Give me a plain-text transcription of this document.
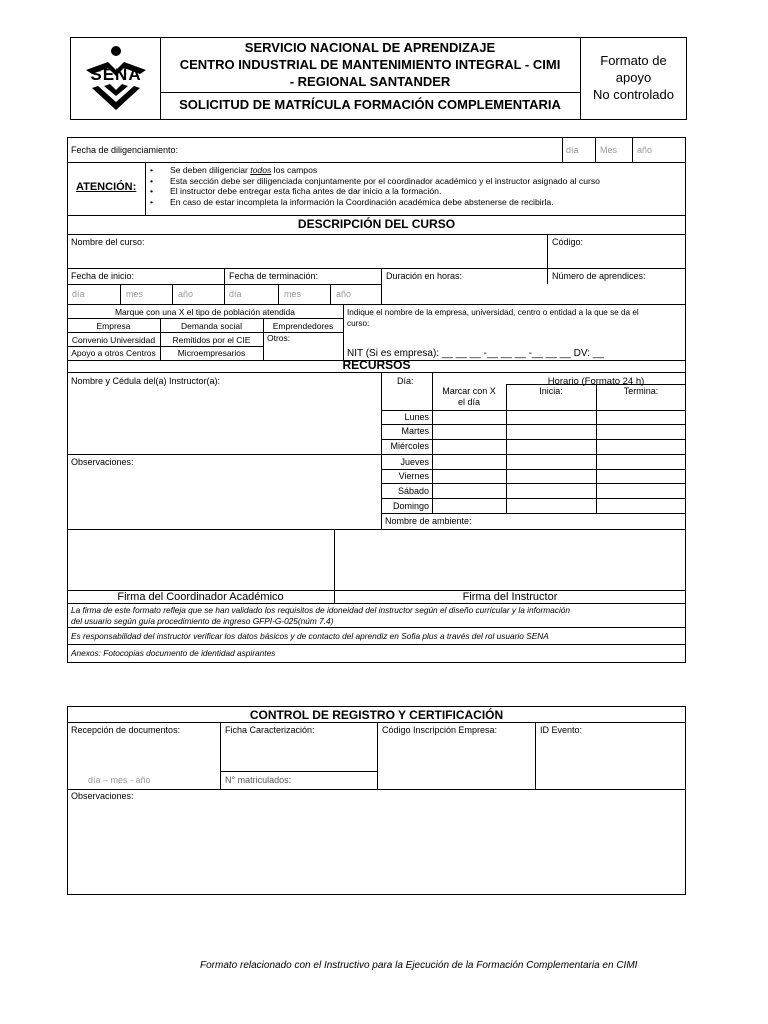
SENA
SERVICIO NACIONAL DE APRENDIZAJE
CENTRO INDUSTRIAL DE MANTENIMIENTO INTEGRAL - CIMI
- REGIONAL SANTANDER
SOLICITUD DE MATRÍCULA FORMACIÓN COMPLEMENTARIA
Formato de
apoyo
No controlado
Fecha de diligenciamiento:	día Mes año
ATENCIÓN:
• Se deben diligenciar todos los campos
• Esta sección debe ser diligenciada conjuntamente por el coordinador académico y el instructor asignado al curso
• El instructor debe entregar esta ficha antes de dar inicio a la formación.
• En caso de estar incompleta la información la Coordinación académica debe abstenerse de recibirla.
DESCRIPCIÓN DEL CURSO
Nombre del curso:	Código:
Fecha de inicio:	Fecha de terminación:	Duración en horas:	Número de aprendices:
día	mes	año	día	mes	año
Marque con una X el tipo de población atendida
Empresa	Demanda social	Emprendedores
Convenio Universidad	Remitidos por el CIE	Otros:
Apoyo a otros Centros	Microempresarios
Indique el nombre de la empresa, universidad, centro o entidad a la que se da el
curso:
NIT (Si es empresa): __ __ __ -__ __ __ -__ __ __ DV: __
RECURSOS
Nombre y Cédula del(a) Instructor(a):
Observaciones:
Día:	Horario (Formato 24 h)
Marcar con X
el día
Inicia:	Termina:
Lunes
Martes
Miércoles
Jueves
Viernes
Sábado
Domingo
Nombre de ambiente:
Firma del Coordinador Académico	Firma del Instructor
La firma de este formato refleja que se han validado los requisitos de idoneidad del instructor según el diseño curricular y la información
del usuario según guía procedimiento de ingreso GFPI-G-025(núm 7.4)
Es responsabilidad del instructor verificar los datos básicos y de contacto del aprendiz en Sofia plus a través del rol usuario SENA
Anexos: Fotocopias documento de identidad aspirantes
CONTROL DE REGISTRO Y CERTIFICACIÓN
Recepción de documentos:	Ficha Caracterización:	Código Inscripción Empresa:	ID Evento:
día – mes - año	N° matriculados:
Observaciones:
Formato relacionado con el Instructivo para la Ejecución de la Formación Complementaria en CIMI
